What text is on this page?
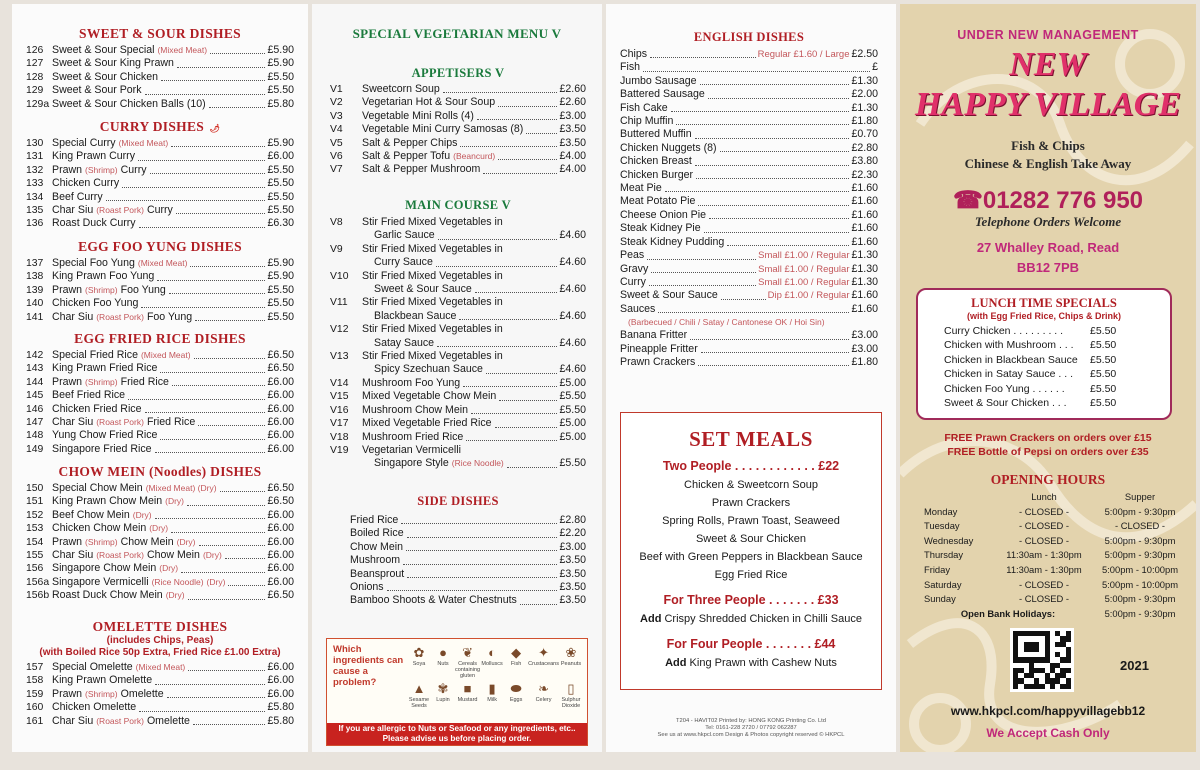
SWEET & SOUR DISHES
126 Sweet & Sour Special (Mixed Meat)	£5.90
127 Sweet & Sour King Prawn	£5.90
128 Sweet & Sour Chicken	£5.50
129 Sweet & Sour Pork	£5.50
129a Sweet & Sour Chicken Balls (10)	£5.80
CURRY DISHES 🌶
130 Special Curry (Mixed Meat)	£5.90
131 King Prawn Curry	£6.00
132 Prawn (Shrimp) Curry	£5.50
133 Chicken Curry	£5.50
134 Beef Curry	£5.50
135 Char Siu (Roast Pork) Curry	£5.50
136 Roast Duck Curry	£6.30
EGG FOO YUNG DISHES
137 Special Foo Yung (Mixed Meat)	£5.90
138 King Prawn Foo Yung	£5.90
139 Prawn (Shrimp) Foo Yung	£5.50
140 Chicken Foo Yung	£5.50
141 Char Siu (Roast Pork) Foo Yung	£5.50
EGG FRIED RICE DISHES
142 Special Fried Rice (Mixed Meat)	£6.50
143 King Prawn Fried Rice	£6.50
144 Prawn (Shrimp) Fried Rice	£6.00
145 Beef Fried Rice	£6.00
146 Chicken Fried Rice	£6.00
147 Char Siu (Roast Pork) Fried Rice	£6.00
148 Yung Chow Fried Rice	£6.00
149 Singapore Fried Rice	£6.00
CHOW MEIN (Noodles) DISHES
150 Special Chow Mein (Mixed Meat) (Dry)	£6.50
151 King Prawn Chow Mein (Dry)	£6.50
152 Beef Chow Mein (Dry)	£6.00
153 Chicken Chow Mein (Dry)	£6.00
154 Prawn (Shrimp) Chow Mein (Dry)	£6.00
155 Char Siu (Roast Pork) Chow Mein (Dry)	£6.00
156 Singapore Chow Mein (Dry)	£6.00
156a Singapore Vermicelli (Rice Noodle) (Dry)	£6.00
156b Roast Duck Chow Mein (Dry)	£6.50
OMELETTE DISHES
(includes Chips, Peas)
(with Boiled Rice 50p Extra, Fried Rice £1.00 Extra)
157 Special Omelette (Mixed Meat)	£6.00
158 King Prawn Omelette	£6.00
159 Prawn (Shrimp) Omelette	£6.00
160 Chicken Omelette	£5.80
161 Char Siu (Roast Pork) Omelette	£5.80
SPECIAL VEGETARIAN MENU V
APPETISERS V
V1	Sweetcorn Soup	£2.60
V2	Vegetarian Hot & Sour Soup	£2.60
V3	Vegetable Mini Rolls (4)	£3.00
V4	Vegetable Mini Curry Samosas (8)	£3.50
V5	Salt & Pepper Chips	£3.50
V6	Salt & Pepper Tofu (Beancurd)	£4.00
V7	Salt & Pepper Mushroom	£4.00
MAIN COURSE V
V8	Stir Fried Mixed Vegetables in
Garlic Sauce	£4.60
V9	Stir Fried Mixed Vegetables in
Curry Sauce	£4.60
V10	Stir Fried Mixed Vegetables in
Sweet & Sour Sauce	£4.60
V11	Stir Fried Mixed Vegetables in
Blackbean Sauce	£4.60
V12	Stir Fried Mixed Vegetables in
Satay Sauce	£4.60
V13	Stir Fried Mixed Vegetables in
Spicy Szechuan Sauce	£4.60
V14	Mushroom Foo Yung	£5.00
V15	Mixed Vegetable Chow Mein	£5.50
V16	Mushroom Chow Mein	£5.50
V17	Mixed Vegetable Fried Rice	£5.00
V18	Mushroom Fried Rice	£5.00
V19	Vegetarian Vermicelli
Singapore Style (Rice Noodle)	£5.50
SIDE DISHES
Fried Rice	£2.80
Boiled Rice	£2.20
Chow Mein	£3.00
Mushroom	£3.50
Beansprout	£3.50
Onions	£3.50
Bamboo Shoots & Water Chestnuts	£3.50
Which ingredients can cause a problem?
✿
Soya
●
Nuts
❦
Cereals containing gluten
◐
Molluscs
◆
Fish
✦
Crustaceans
❀
Peanuts
▲
Sesame Seeds
✾
Lupin
■
Mustard
▮
Milk
⬬
Eggs
❧
Celery
▯
Sulphur Dioxide
If you are allergic to Nuts or Seafood or any ingredients, etc..
Please advise us before placing order.
ENGLISH DISHES
Chips	Regular £1.60 / Large £2.50
Fish	£
Jumbo Sausage	£1.30
Battered Sausage	£2.00
Fish Cake	£1.30
Chip Muffin	£1.80
Buttered Muffin	£0.70
Chicken Nuggets (8)	£2.80
Chicken Breast	£3.80
Chicken Burger	£2.30
Meat Pie	£1.60
Meat Potato Pie	£1.60
Cheese Onion Pie	£1.60
Steak Kidney Pie	£1.60
Steak Kidney Pudding	£1.60
Peas	Small £1.00 / Regular £1.30
Gravy	Small £1.00 / Regular £1.30
Curry	Small £1.00 / Regular £1.30
Sweet & Sour Sauce	Dip £1.00 / Regular £1.60
Sauces	£1.60
(Barbecued / Chili / Satay / Cantonese OK / Hoi Sin)
Banana Fritter	£3.00
Pineapple Fritter	£3.00
Prawn Crackers	£1.80
SET MEALS
Two People . . . . . . . . . . . . £22
Chicken & Sweetcorn Soup
Prawn Crackers
Spring Rolls, Prawn Toast, Seaweed
Sweet & Sour Chicken
Beef with Green Peppers in Blackbean Sauce
Egg Fried Rice
For Three People . . . . . . . £33
Add Crispy Shredded Chicken in Chilli Sauce
For Four People . . . . . . . £44
Add King Prawn with Cashew Nuts
T204 - HAVIT02 Printed by: HONG KONG Printing Co. Ltd
Tel: 0161-228 2720 / 07792 062287
See us at www.hkpcl.com Design & Photos copyright reserved © HKPCL
UNDER NEW MANAGEMENT
NEW
HAPPY VILLAGE
Fish & Chips
Chinese & English Take Away
☎01282 776 950
Telephone Orders Welcome
27 Whalley Road, Read
BB12 7PB
LUNCH TIME SPECIALS
(with Egg Fried Rice, Chips & Drink)
Curry Chicken . . . . . . . . .	£5.50
Chicken with Mushroom . . .	£5.50
Chicken in Blackbean Sauce	£5.50
Chicken in Satay Sauce . . .	£5.50
Chicken Foo Yung . . . . . .	£5.50
Sweet & Sour Chicken . . .	£5.50
FREE Prawn Crackers on orders over £15
FREE Bottle of Pepsi on orders over £35
OPENING HOURS
Lunch	Supper
Monday	- CLOSED -	5:00pm - 9:30pm
Tuesday	- CLOSED -	- CLOSED -
Wednesday	- CLOSED -	5:00pm - 9:30pm
Thursday	11:30am - 1:30pm	5:00pm - 9:30pm
Friday	11:30am - 1:30pm	5:00pm - 10:00pm
Saturday	- CLOSED -	5:00pm - 10:00pm
Sunday	- CLOSED -	5:00pm - 9:30pm
Open Bank Holidays:	5:00pm - 9:30pm
2021
www.hkpcl.com/happyvillagebb12
We Accept Cash Only
